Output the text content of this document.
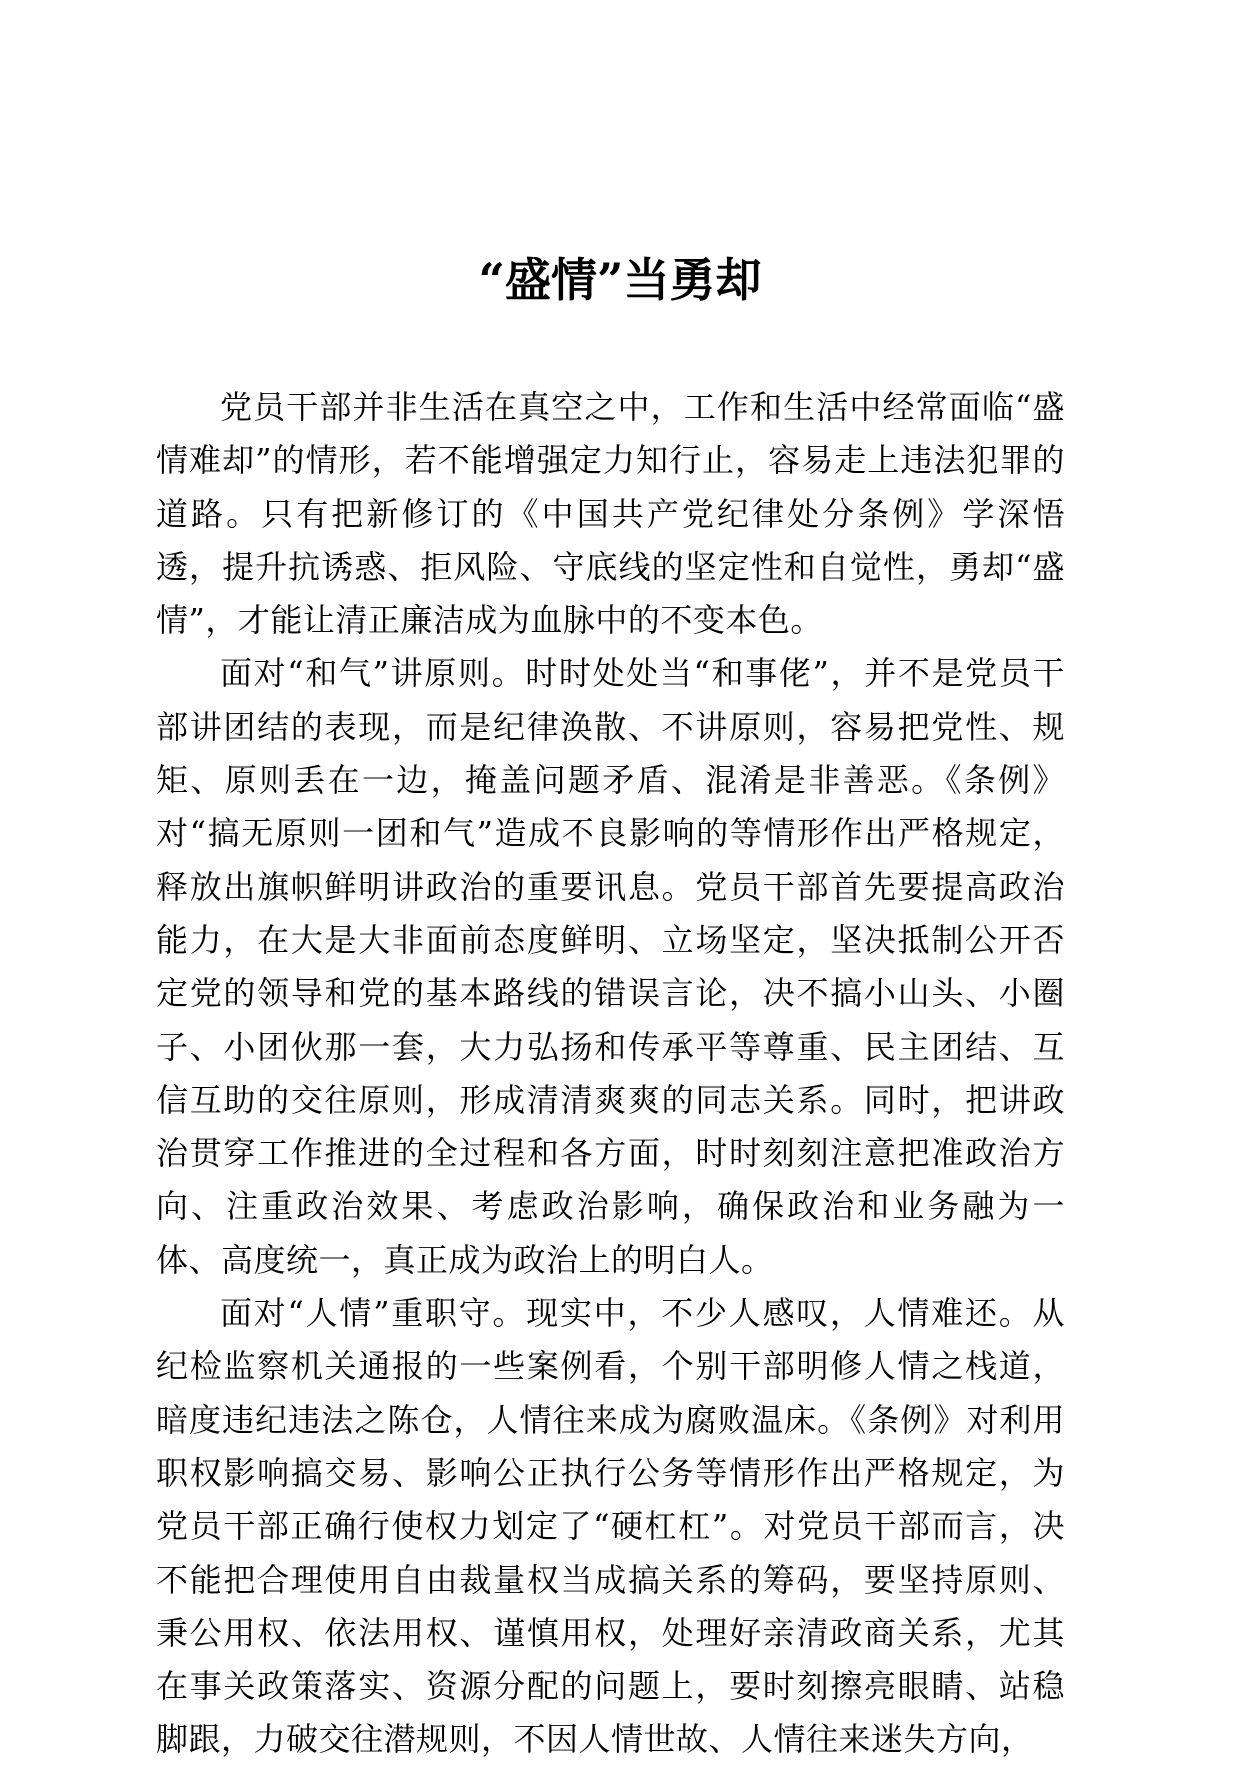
“盛情”当勇却

党员干部并非生活在真空之中，工作和生活中经常面临“盛情难却”的情形，若不能增强定力知行止，容易走上违法犯罪的道路。只有把新修订的《中国共产党纪律处分条例》学深悟透，提升抗诱惑、拒风险、守底线的坚定性和自觉性，勇却“盛情”，才能让清正廉洁成为血脉中的不变本色。

面对“和气”讲原则。时时处处当“和事佬”，并不是党员干部讲团结的表现，而是纪律涣散、不讲原则，容易把党性、规矩、原则丢在一边，掩盖问题矛盾、混淆是非善恶。《条例》对“搞无原则一团和气”造成不良影响的等情形作出严格规定，释放出旗帜鲜明讲政治的重要讯息。党员干部首先要提高政治能力，在大是大非面前态度鲜明、立场坚定，坚决抵制公开否定党的领导和党的基本路线的错误言论，决不搞小山头、小圈子、小团伙那一套，大力弘扬和传承平等尊重、民主团结、互信互助的交往原则，形成清清爽爽的同志关系。同时，把讲政治贯穿工作推进的全过程和各方面，时时刻刻注意把准政治方向、注重政治效果、考虑政治影响，确保政治和业务融为一体、高度统一，真正成为政治上的明白人。

面对“人情”重职守。现实中，不少人感叹，人情难还。从纪检监察机关通报的一些案例看，个别干部明修人情之栈道，暗度违纪违法之陈仓，人情往来成为腐败温床。《条例》对利用职权影响搞交易、影响公正执行公务等情形作出严格规定，为党员干部正确行使权力划定了“硬杠杠”。对党员干部而言，决不能把合理使用自由裁量权当成搞关系的筹码，要坚持原则、秉公用权、依法用权、谨慎用权，处理好亲清政商关系，尤其在事关政策落实、资源分配的问题上，要时刻擦亮眼睛、站稳脚跟，力破交往潜规则，不因人情世故、人情往来迷失方向，
